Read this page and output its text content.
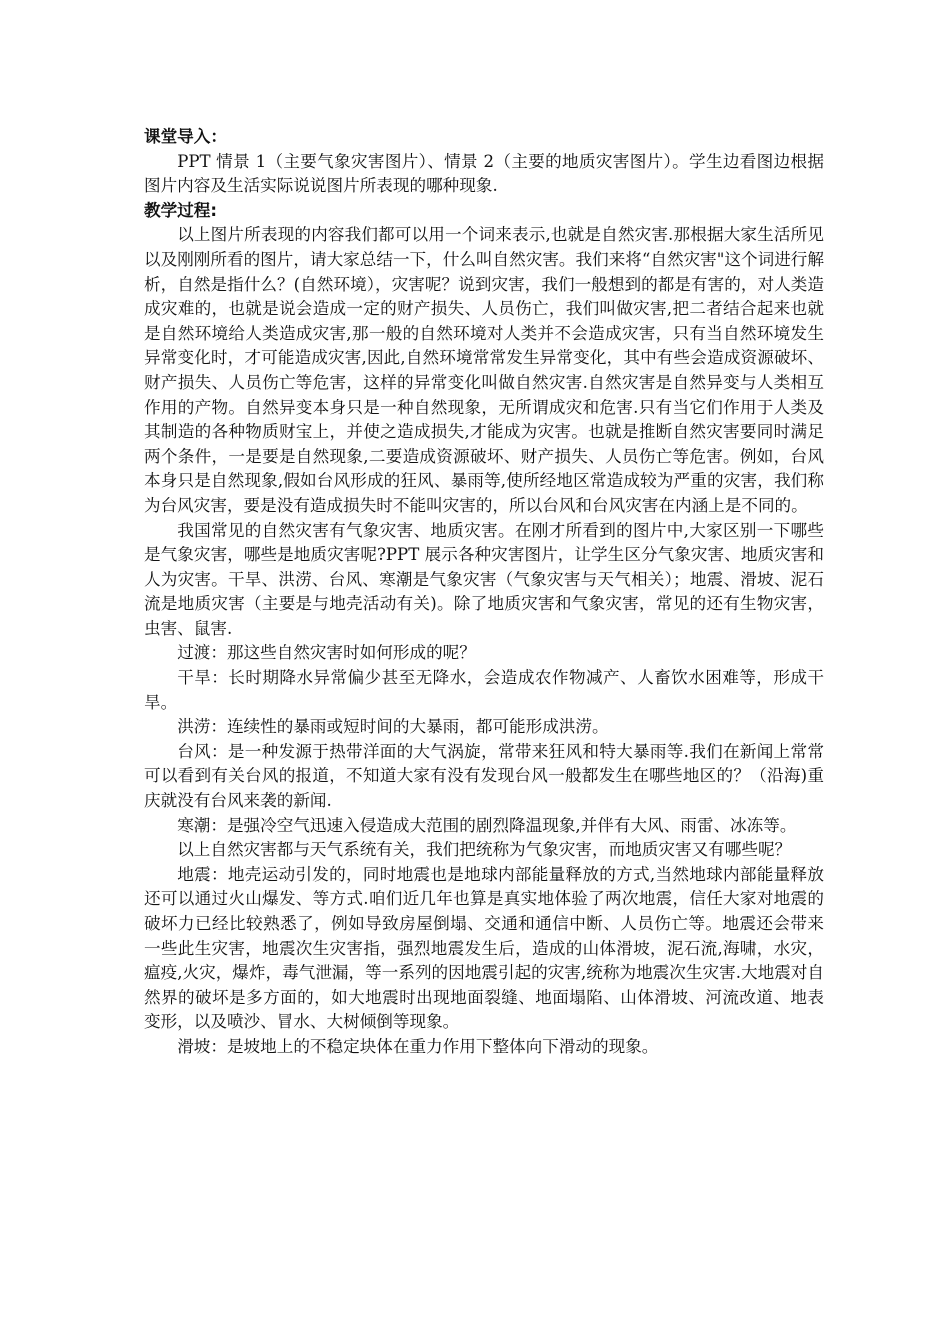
课堂导入：

PPT 情景 1（主要气象灾害图片）、情景 2（主要的地质灾害图片）。学生边看图边根据图片内容及生活实际说说图片所表现的哪种现象.

教学过程:

以上图片所表现的内容我们都可以用一个词来表示,也就是自然灾害.那根据大家生活所见以及刚刚所看的图片，请大家总结一下，什么叫自然灾害。我们来将“自然灾害"这个词进行解析，自然是指什么？(自然环境），灾害呢？说到灾害，我们一般想到的都是有害的，对人类造成灾难的，也就是说会造成一定的财产损失、人员伤亡，我们叫做灾害,把二者结合起来也就是自然环境给人类造成灾害,那一般的自然环境对人类并不会造成灾害，只有当自然环境发生异常变化时，才可能造成灾害,因此,自然环境常常发生异常变化，其中有些会造成资源破坏、财产损失、人员伤亡等危害，这样的异常变化叫做自然灾害.自然灾害是自然异变与人类相互作用的产物。自然异变本身只是一种自然现象，无所谓成灾和危害.只有当它们作用于人类及其制造的各种物质财宝上，并使之造成损失,才能成为灾害。也就是推断自然灾害要同时满足两个条件，一是要是自然现象,二要造成资源破坏、财产损失、人员伤亡等危害。例如，台风本身只是自然现象,假如台风形成的狂风、暴雨等,使所经地区常造成较为严重的灾害，我们称为台风灾害，要是没有造成损失时不能叫灾害的，所以台风和台风灾害在内涵上是不同的。

我国常见的自然灾害有气象灾害、地质灾害。在刚才所看到的图片中,大家区别一下哪些是气象灾害，哪些是地质灾害呢?PPT 展示各种灾害图片，让学生区分气象灾害、地质灾害和人为灾害。干旱、洪涝、台风、寒潮是气象灾害（气象灾害与天气相关）；地震、滑坡、泥石流是地质灾害（主要是与地壳活动有关)。除了地质灾害和气象灾害，常见的还有生物灾害，虫害、鼠害.

过渡：那这些自然灾害时如何形成的呢？

干旱：长时期降水异常偏少甚至无降水，会造成农作物减产、人畜饮水困难等，形成干旱。

洪涝：连续性的暴雨或短时间的大暴雨，都可能形成洪涝。

台风：是一种发源于热带洋面的大气涡旋，常带来狂风和特大暴雨等.我们在新闻上常常可以看到有关台风的报道，不知道大家有没有发现台风一般都发生在哪些地区的？（沿海)重庆就没有台风来袭的新闻.

寒潮：是强冷空气迅速入侵造成大范围的剧烈降温现象,并伴有大风、雨雷、冰冻等。

以上自然灾害都与天气系统有关，我们把统称为气象灾害，而地质灾害又有哪些呢？

地震：地壳运动引发的，同时地震也是地球内部能量释放的方式,当然地球内部能量释放还可以通过火山爆发、等方式.咱们近几年也算是真实地体验了两次地震，信任大家对地震的破坏力已经比较熟悉了，例如导致房屋倒塌、交通和通信中断、人员伤亡等。地震还会带来一些此生灾害，地震次生灾害指，强烈地震发生后，造成的山体滑坡，泥石流,海啸，水灾，瘟疫,火灾，爆炸，毒气泄漏，等一系列的因地震引起的灾害,统称为地震次生灾害.大地震对自然界的破坏是多方面的，如大地震时出现地面裂缝、地面塌陷、山体滑坡、河流改道、地表变形，以及喷沙、冒水、大树倾倒等现象。

滑坡：是坡地上的不稳定块体在重力作用下整体向下滑动的现象。
